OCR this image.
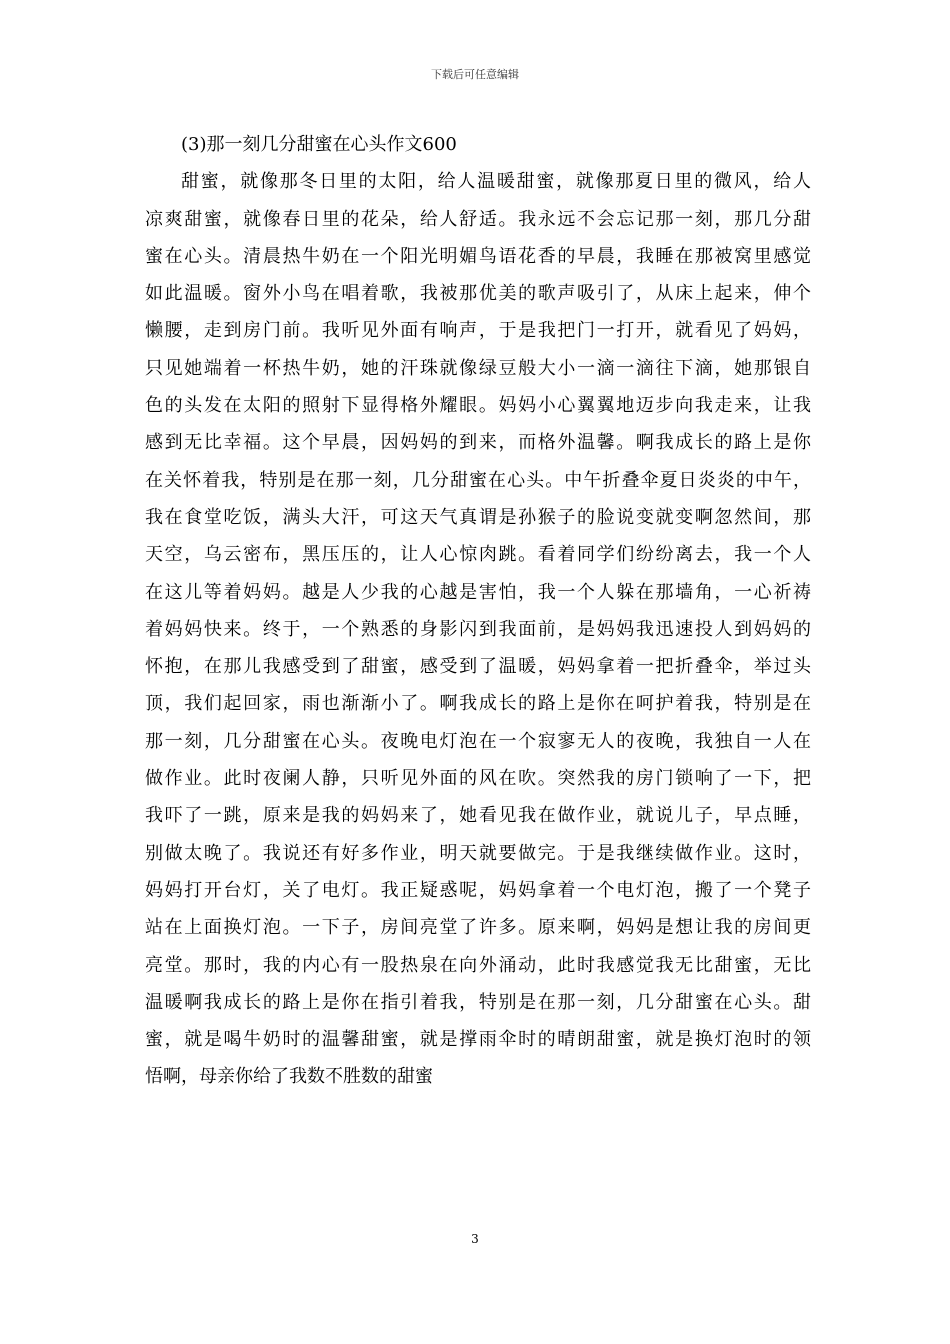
下载后可任意编辑
(3)那一刻几分甜蜜在心头作文600
甜蜜，就像那冬日里的太阳，给人温暖甜蜜，就像那夏日里的微风，给人
凉爽甜蜜，就像春日里的花朵，给人舒适。我永远不会忘记那一刻，那几分甜
蜜在心头。清晨热牛奶在一个阳光明媚鸟语花香的早晨，我睡在那被窝里感觉
如此温暖。窗外小鸟在唱着歌，我被那优美的歌声吸引了，从床上起来，伸个
懒腰，走到房门前。我听见外面有响声，于是我把门一打开，就看见了妈妈，
只见她端着一杯热牛奶，她的汗珠就像绿豆般大小一滴一滴往下滴，她那银自
色的头发在太阳的照射下显得格外耀眼。妈妈小心翼翼地迈步向我走来，让我
感到无比幸福。这个早晨，因妈妈的到来，而格外温馨。啊我成长的路上是你
在关怀着我，特别是在那一刻，几分甜蜜在心头。中午折叠伞夏日炎炎的中午，
我在食堂吃饭，满头大汗，可这天气真谓是孙猴子的脸说变就变啊忽然间，那
天空，乌云密布，黑压压的，让人心惊肉跳。看着同学们纷纷离去，我一个人
在这儿等着妈妈。越是人少我的心越是害怕，我一个人躲在那墙角，一心祈祷
着妈妈快来。终于，一个熟悉的身影闪到我面前，是妈妈我迅速投人到妈妈的
怀抱，在那儿我感受到了甜蜜，感受到了温暖，妈妈拿着一把折叠伞，举过头
顶，我们起回家，雨也渐渐小了。啊我成长的路上是你在呵护着我，特别是在
那一刻，几分甜蜜在心头。夜晚电灯泡在一个寂寥无人的夜晚，我独自一人在
做作业。此时夜阑人静，只听见外面的风在吹。突然我的房门锁响了一下，把
我吓了一跳，原来是我的妈妈来了，她看见我在做作业，就说儿子，早点睡，
别做太晚了。我说还有好多作业，明天就要做完。于是我继续做作业。这时，
妈妈打开台灯，关了电灯。我正疑惑呢，妈妈拿着一个电灯泡，搬了一个凳子
站在上面换灯泡。一下子，房间亮堂了许多。原来啊，妈妈是想让我的房间更
亮堂。那时，我的内心有一股热泉在向外涌动，此时我感觉我无比甜蜜，无比
温暖啊我成长的路上是你在指引着我，特别是在那一刻，几分甜蜜在心头。甜
蜜，就是喝牛奶时的温馨甜蜜，就是撑雨伞时的晴朗甜蜜，就是换灯泡时的领
悟啊，母亲你给了我数不胜数的甜蜜
3
